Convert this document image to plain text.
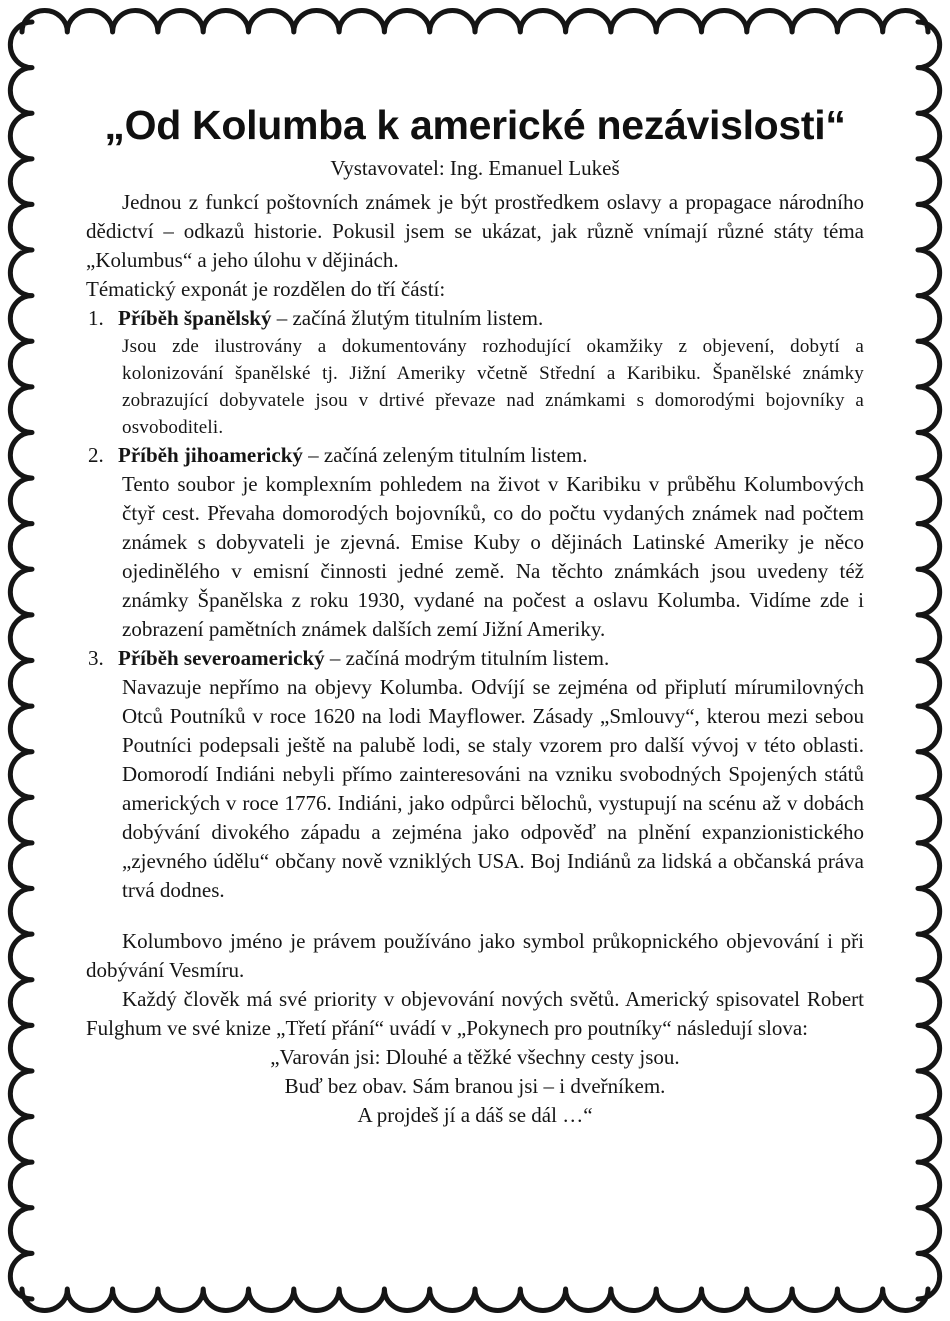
„Od Kolumba k americké nezávislosti“

Vystavovatel: Ing. Emanuel Lukeš

Jednou z funkcí poštovních známek je být prostředkem oslavy a propagace národního dědictví – odkazů historie. Pokusil jsem se ukázat, jak různě vnímají různé státy téma „Kolumbus“ a jeho úlohu v dějinách.

Tématický exponát je rozdělen do tří částí:

1. Příběh španělský – začíná žlutým titulním listem.
Jsou zde ilustrovány a dokumentovány rozhodující okamžiky z objevení, dobytí a kolonizování španělské tj. Jižní Ameriky včetně Střední a Karibiku. Španělské známky zobrazující dobyvatele jsou v drtivé převaze nad známkami s domorodými bojovníky a osvoboditeli.
2. Příběh jihoamerický – začíná zeleným titulním listem.
Tento soubor je komplexním pohledem na život v Karibiku v průběhu Kolumbových čtyř cest. Převaha domorodých bojovníků, co do počtu vydaných známek nad počtem známek s dobyvateli je zjevná. Emise Kuby o dějinách Latinské Ameriky je něco ojedinělého v emisní činnosti jedné země. Na těchto známkách jsou uvedeny též známky Španělska z roku 1930, vydané na počest a oslavu Kolumba. Vidíme zde i zobrazení pamětních známek dalších zemí Jižní Ameriky.
3. Příběh severoamerický – začíná modrým titulním listem.
Navazuje nepřímo na objevy Kolumba. Odvíjí se zejména od připlutí mírumilovných Otců Poutníků v roce 1620 na lodi Mayflower. Zásady „Smlouvy“, kterou mezi sebou Poutníci podepsali ještě na palubě lodi, se staly vzorem pro další vývoj v této oblasti. Domorodí Indiáni nebyli přímo zainteresováni na vzniku svobodných Spojených států amerických v roce 1776. Indiáni, jako odpůrci bělochů, vystupují na scénu až v dobách dobývání divokého západu a zejména jako odpověď na plnění expanzionistického „zjevného údělu“ občany nově vzniklých USA. Boj Indiánů za lidská a občanská práva trvá dodnes.

Kolumbovo jméno je právem používáno jako symbol průkopnického objevování i při dobývání Vesmíru.

Každý člověk má své priority v objevování nových světů. Americký spisovatel Robert Fulghum ve své knize „Třetí přání“ uvádí v „Pokynech pro poutníky“ následují slova:

„Varován jsi: Dlouhé a těžké všechny cesty jsou.

Buď bez obav. Sám branou jsi – i dveřníkem.

A projdeš jí a dáš se dál …“
